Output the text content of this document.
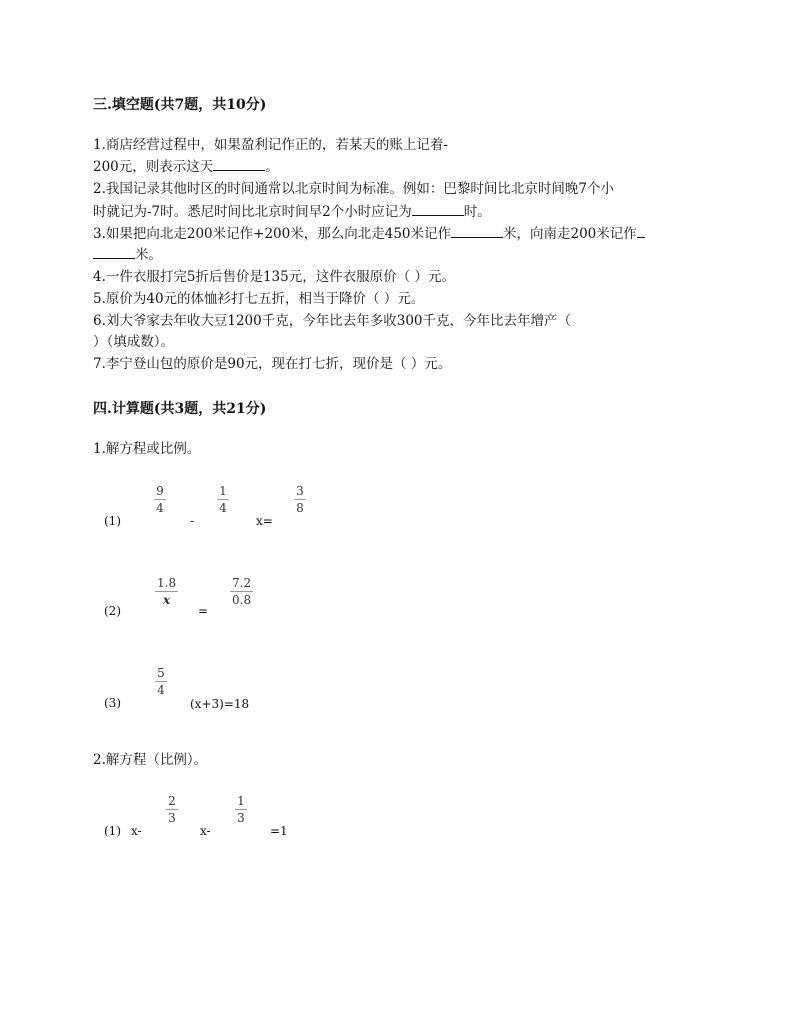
三.填空题(共7题，共10分)
1.商店经营过程中，如果盈利记作正的，若某天的账上记着-
200元，则表示这天	。
2.我国记录其他时区的时间通常以北京时间为标准。例如：巴黎时间比北京时间晚7个小
时就记为-7时。悉尼时间比北京时间早2个小时应记为	时。
3.如果把向北走200米记作+200米，那么向北走450米记作	米，向南走200米记作
米。
4.一件衣服打完5折后售价是135元，这件衣服原价（ ）元。
5.原价为40元的体恤衫打七五折，相当于降价（ ）元。
6.刘大爷家去年收大豆1200千克，今年比去年多收300千克，今年比去年增产（
）（填成数）。
7.李宁登山包的原价是90元，现在打七折，现价是（ ）元。
四.计算题(共3题，共21分)
1.解方程或比例。
(1)
9
4
-
1
4
x=
3
8
(2)
1.8
x
=
7.2
0.8
(3)
5
4
(x+3)=18
2.解方程（比例）。
(1) x-
2
3
x-
1
3
=1
